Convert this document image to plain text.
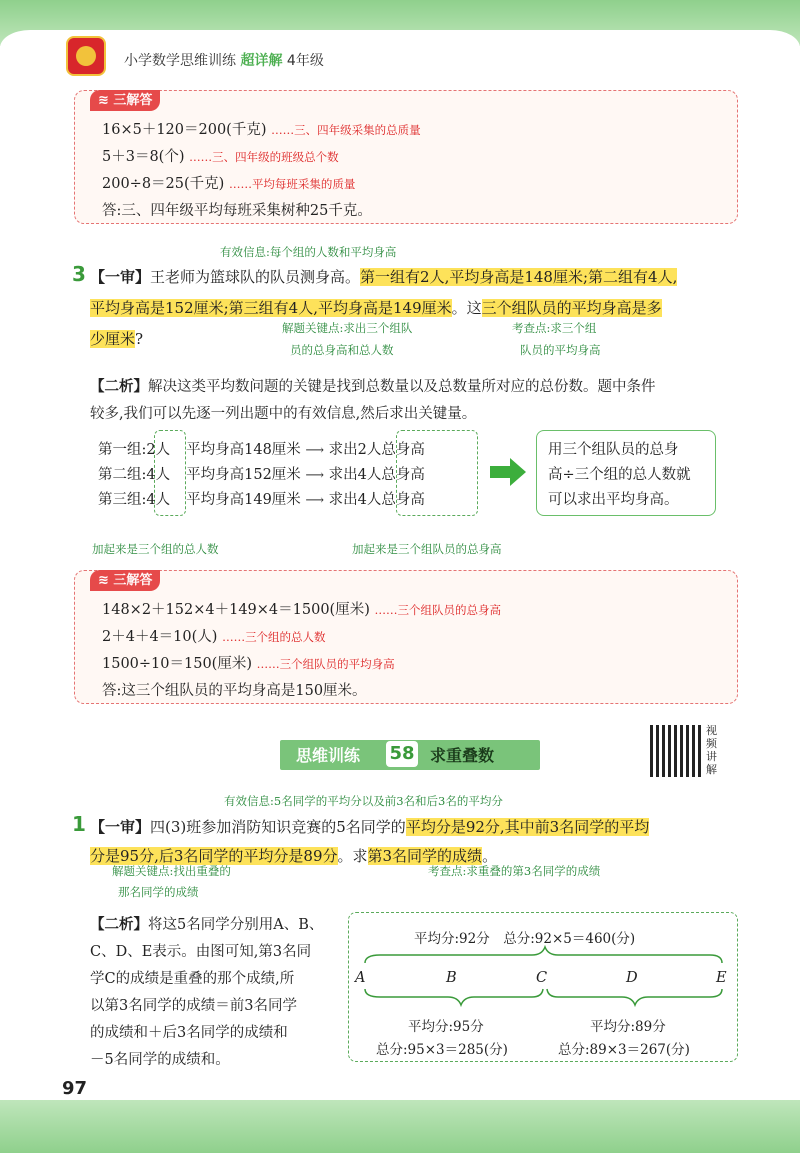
小学数学思维训练 超详解 4年级
≋ 三解答
16×5＋120＝200(千克) ……三、四年级采集的总质量
5＋3＝8(个) ……三、四年级的班级总个数
200÷8＝25(千克) ……平均每班采集的质量
答:三、四年级平均每班采集树种25千克。
有效信息:每个组的人数和平均身高
3 【一审】王老师为篮球队的队员测身高。第一组有2人,平均身高是148厘米;第二组有4人,
平均身高是152厘米;第三组有4人,平均身高是149厘米。这三个组队员的平均身高是多
少厘米?
解题关键点:求出三个组队
员的总身高和总人数
考查点:求三个组
队员的平均身高
【二析】解决这类平均数问题的关键是找到总数量以及总数量所对应的总份数。题中条件
较多,我们可以先逐一列出题中的有效信息,然后求出关键量。
第一组:2人 平均身高148厘米 ⟶ 求出2人总身高
第二组:4人 平均身高152厘米 ⟶ 求出4人总身高
第三组:4人 平均身高149厘米 ⟶ 求出4人总身高
用三个组队员的总身
高÷三个组的总人数就
可以求出平均身高。
加起来是三个组的总人数	加起来是三个组队员的总身高
≋ 三解答
148×2＋152×4＋149×4＝1500(厘米) ……三个组队员的总身高
2＋4＋4＝10(人) ……三个组的总人数
1500÷10＝150(厘米) ……三个组队员的平均身高
答:这三个组队员的平均身高是150厘米。
思维训练 58 求重叠数
视频讲解
有效信息:5名同学的平均分以及前3名和后3名的平均分
1 【一审】四(3)班参加消防知识竞赛的5名同学的平均分是92分,其中前3名同学的平均
分是95分,后3名同学的平均分是89分。求第3名同学的成绩。
解题关键点:找出重叠的
那名同学的成绩
考查点:求重叠的第3名同学的成绩
【二析】将这5名同学分别用A、B、
C、D、E表示。由图可知,第3名同
学C的成绩是重叠的那个成绩,所
以第3名同学的成绩＝前3名同学
的成绩和＋后3名同学的成绩和
－5名同学的成绩和。
平均分:92分　 总分:92×5＝460(分)
A	B	C	D	E
平均分:95分
总分:95×3＝285(分)
平均分:89分
总分:89×3＝267(分)
97
